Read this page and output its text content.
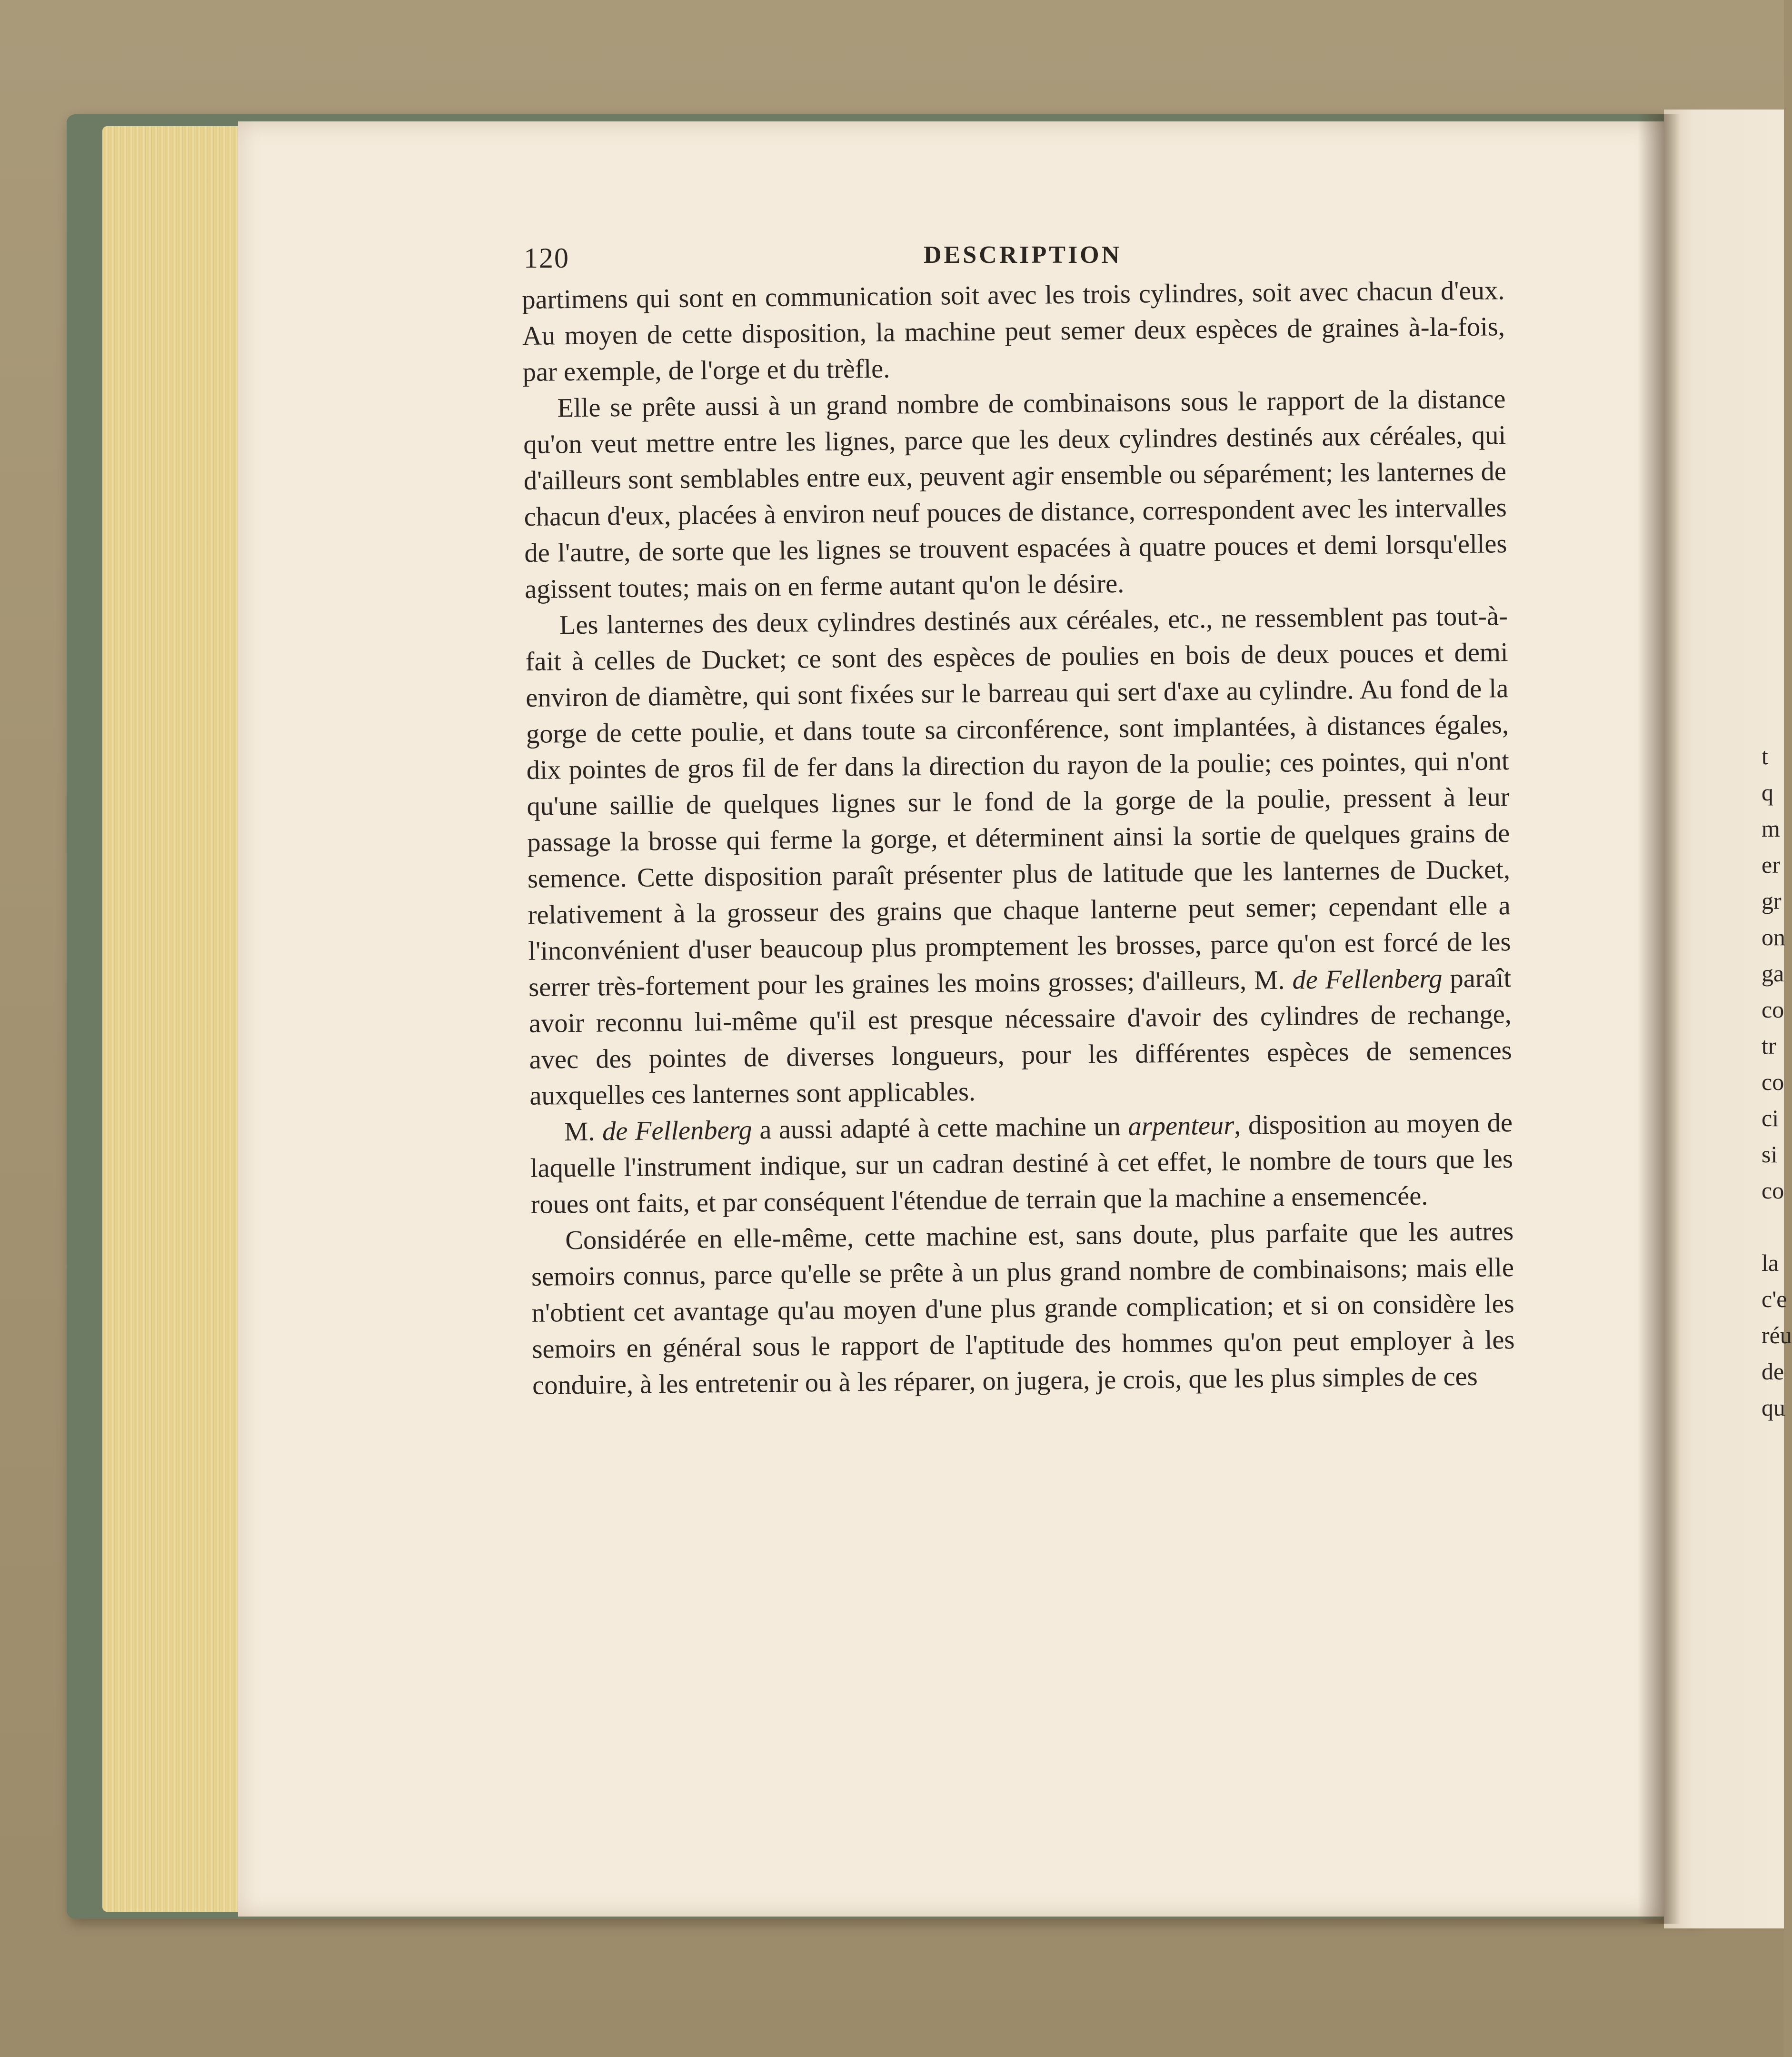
120	DESCRIPTION

partimens qui sont en communication soit avec les trois cylindres, soit avec chacun d'eux. Au moyen de cette disposition, la machine peut semer deux espèces de graines à-la-fois, par exemple, de l'orge et du trèfle.

Elle se prête aussi à un grand nombre de combinaisons sous le rapport de la distance qu'on veut mettre entre les lignes, parce que les deux cylindres destinés aux céréales, qui d'ailleurs sont semblables entre eux, peuvent agir ensemble ou séparément; les lanternes de chacun d'eux, placées à environ neuf pouces de distance, correspondent avec les intervalles de l'autre, de sorte que les lignes se trouvent espacées à quatre pouces et demi lorsqu'elles agissent toutes; mais on en ferme autant qu'on le désire.

Les lanternes des deux cylindres destinés aux céréales, etc., ne ressemblent pas tout-à-fait à celles de Ducket; ce sont des espèces de poulies en bois de deux pouces et demi environ de diamètre, qui sont fixées sur le barreau qui sert d'axe au cylindre. Au fond de la gorge de cette poulie, et dans toute sa circonférence, sont implantées, à distances égales, dix pointes de gros fil de fer dans la direction du rayon de la poulie; ces pointes, qui n'ont qu'une saillie de quelques lignes sur le fond de la gorge de la poulie, pressent à leur passage la brosse qui ferme la gorge, et déterminent ainsi la sortie de quelques grains de semence. Cette disposition paraît présenter plus de latitude que les lanternes de Ducket, relativement à la grosseur des grains que chaque lanterne peut semer; cependant elle a l'inconvénient d'user beaucoup plus promptement les brosses, parce qu'on est forcé de les serrer très-fortement pour les graines les moins grosses; d'ailleurs, M. de Fellenberg paraît avoir reconnu lui-même qu'il est presque nécessaire d'avoir des cylindres de rechange, avec des pointes de diverses longueurs, pour les différentes espèces de semences auxquelles ces lanternes sont applicables.

M. de Fellenberg a aussi adapté à cette machine un arpenteur, disposition au moyen de laquelle l'instrument indique, sur un cadran destiné à cet effet, le nombre de tours que les roues ont faits, et par conséquent l'étendue de terrain que la machine a ensemencée.

Considérée en elle-même, cette machine est, sans doute, plus parfaite que les autres semoirs connus, parce qu'elle se prête à un plus grand nombre de combinaisons; mais elle n'obtient cet avantage qu'au moyen d'une plus grande complication; et si on considère les semoirs en général sous le rapport de l'aptitude des hommes qu'on peut employer à les conduire, à les entretenir ou à les réparer, on jugera, je crois, que les plus simples de ces

t
q
m
er
gr
on
ga
co
tr
co
ci
si
co
la
c'e
réu
de
qu
